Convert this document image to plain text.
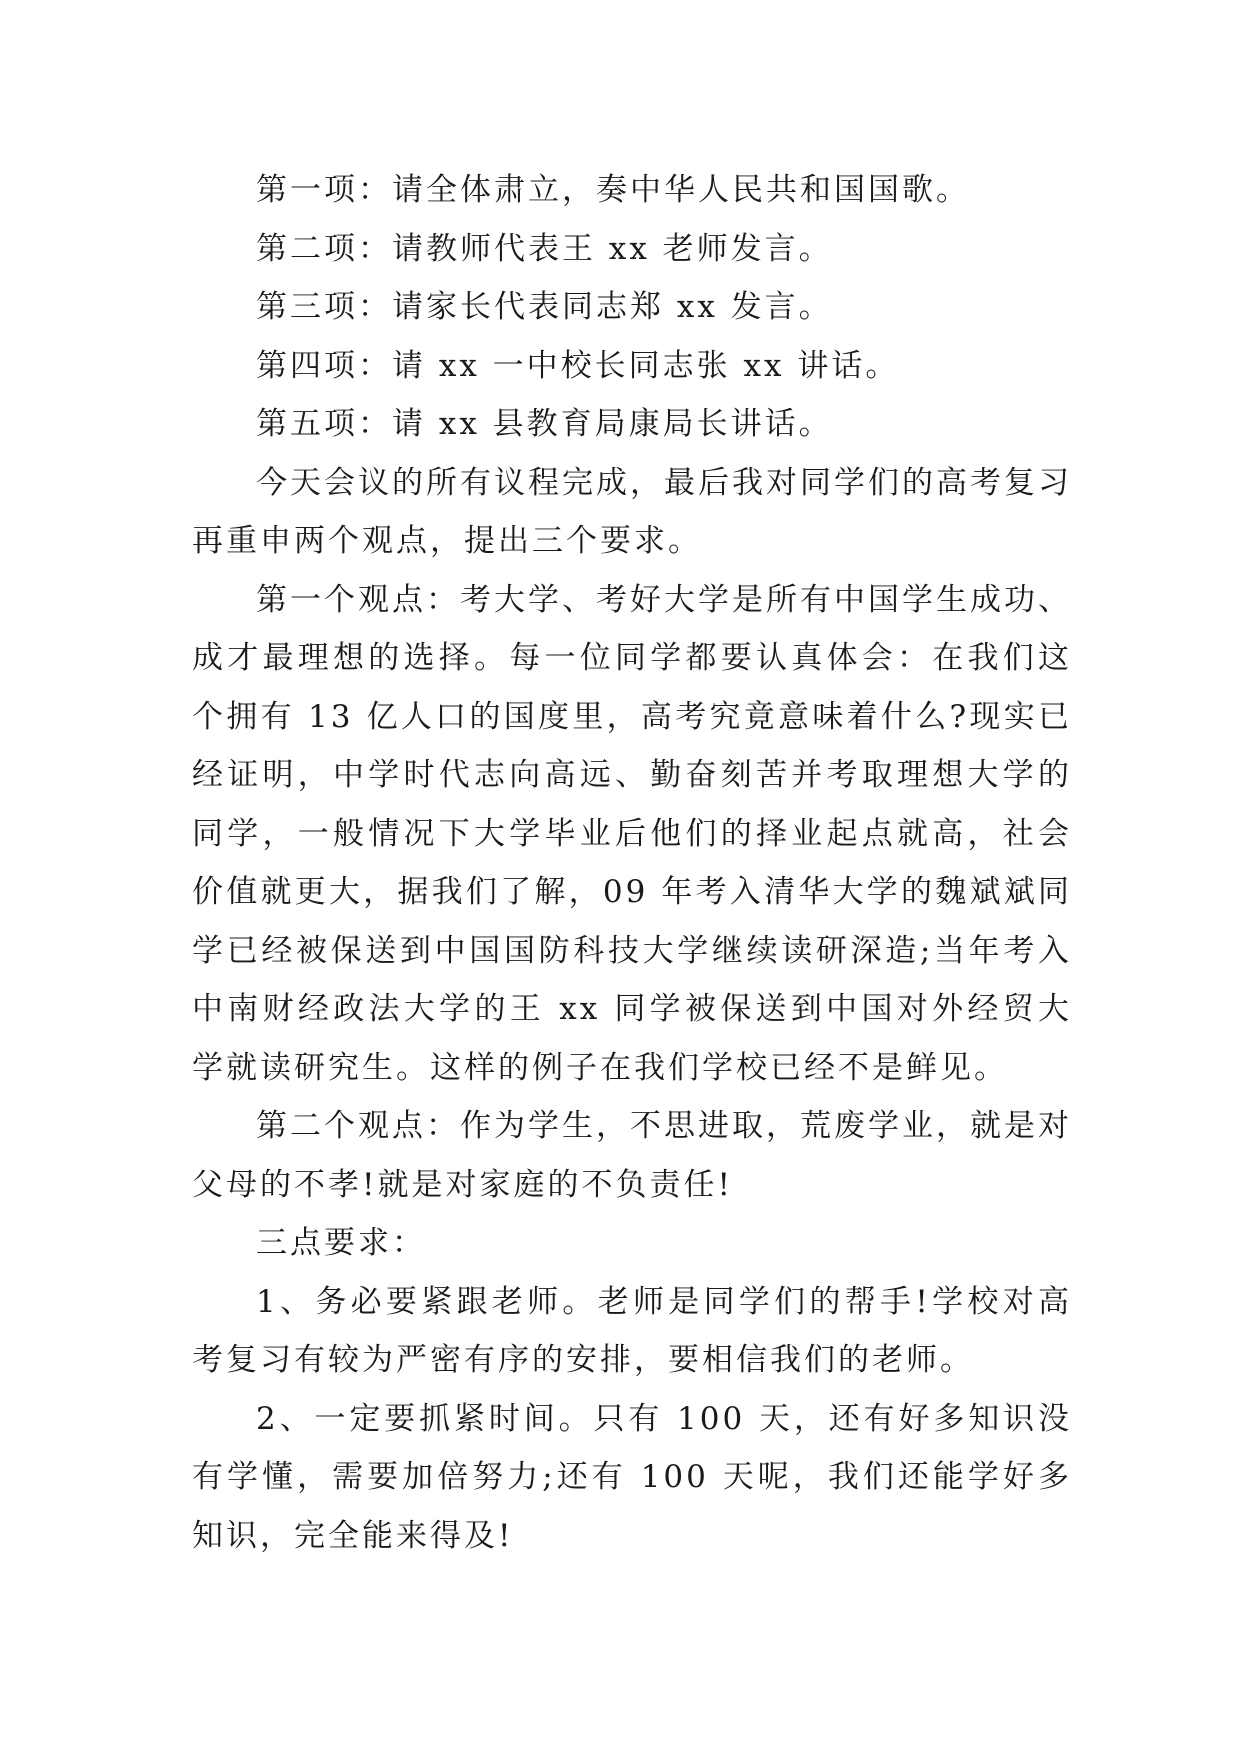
第一项：请全体肃立，奏中华人民共和国国歌。

第二项：请教师代表王 xx 老师发言。

第三项：请家长代表同志郑 xx 发言。

第四项：请 xx 一中校长同志张 xx 讲话。

第五项：请 xx 县教育局康局长讲话。

今天会议的所有议程完成，最后我对同学们的高考复习再重申两个观点，提出三个要求。

第一个观点：考大学、考好大学是所有中国学生成功、成才最理想的选择。每一位同学都要认真体会：在我们这个拥有 13 亿人口的国度里，高考究竟意味着什么?现实已经证明，中学时代志向高远、勤奋刻苦并考取理想大学的同学，一般情况下大学毕业后他们的择业起点就高，社会价值就更大，据我们了解，09 年考入清华大学的魏斌斌同学已经被保送到中国国防科技大学继续读研深造;当年考入中南财经政法大学的王 xx 同学被保送到中国对外经贸大学就读研究生。这样的例子在我们学校已经不是鲜见。

第二个观点：作为学生，不思进取，荒废学业，就是对父母的不孝!就是对家庭的不负责任!

三点要求：

1、务必要紧跟老师。老师是同学们的帮手!学校对高考复习有较为严密有序的安排，要相信我们的老师。

2、一定要抓紧时间。只有 100 天，还有好多知识没有学懂，需要加倍努力;还有 100 天呢，我们还能学好多知识，完全能来得及!
